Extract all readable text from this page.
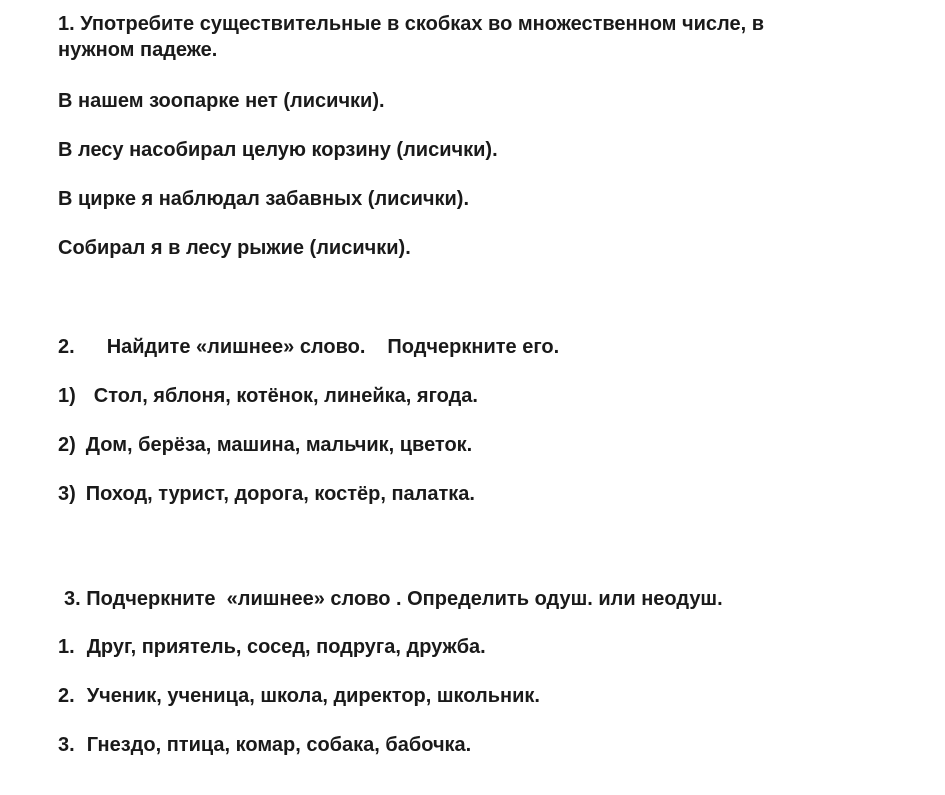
1. Употребите существительные в скобках во множественном числе, в
нужном падеже.
В нашем зоопарке нет (лисички).
В лесу насобирал целую корзину (лисички).
В цирке я наблюдал забавных (лисички).
Собирал я в лесу рыжие (лисички).
2. Найдите «лишнее» слово. Подчеркните его.
1) Стол, яблоня, котёнок, линейка, ягода.
2) Дом, берёза, машина, мальчик, цветок.
3) Поход, турист, дорога, костёр, палатка.
3. Подчеркните  «лишнее» слово . Определить одуш. или неодуш.
1. Друг, приятель, сосед, подруга, дружба.
2. Ученик, ученица, школа, директор, школьник.
3. Гнездо, птица, комар, собака, бабочка.
